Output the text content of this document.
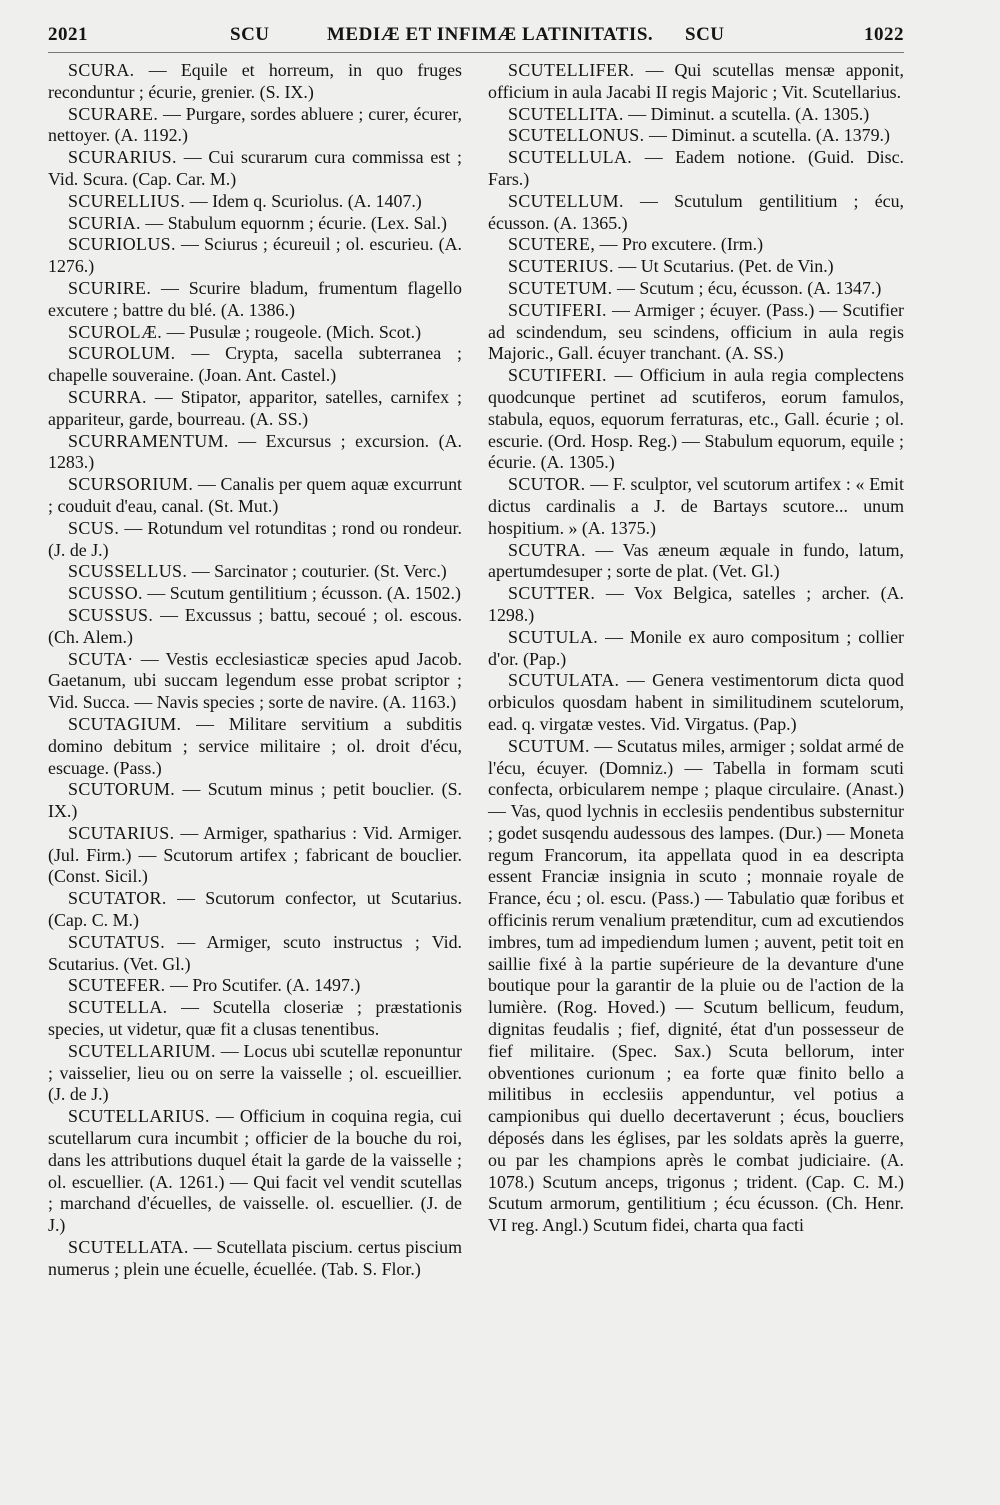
2021	SCU	MEDIÆ ET INFIMÆ LATINITATIS. SCU	1022

SCURA. — Equile et horreum, in quo fruges reconduntur ; écurie, grenier. (S. IX.)

SCURARE. — Purgare, sordes abluere ; curer, écurer, nettoyer. (A. 1192.)

SCURARIUS. — Cui scurarum cura commissa est ; Vid. Scura. (Cap. Car. M.)

SCURELLIUS. — Idem q. Scuriolus. (A. 1407.)

SCURIA. — Stabulum equornm ; écurie. (Lex. Sal.)

SCURIOLUS. — Sciurus ; écureuil ; ol. escurieu. (A. 1276.)

SCURIRE. — Scurire bladum, frumentum flagello excutere ; battre du blé. (A. 1386.)

SCUROLÆ. — Pusulæ ; rougeole. (Mich. Scot.)

SCUROLUM. — Crypta, sacella subterranea ; chapelle souveraine. (Joan. Ant. Castel.)

SCURRA. — Stipator, apparitor, satelles, carnifex ; appariteur, garde, bourreau. (A. SS.)

SCURRAMENTUM. — Excursus ; excursion. (A. 1283.)

SCURSORIUM. — Canalis per quem aquæ excurrunt ; couduit d'eau, canal. (St. Mut.)

SCUS. — Rotundum vel rotunditas ; rond ou rondeur. (J. de J.)

SCUSSELLUS. — Sarcinator ; couturier. (St. Verc.)

SCUSSO. — Scutum gentilitium ; écusson. (A. 1502.)

SCUSSUS. — Excussus ; battu, secoué ; ol. escous. (Ch. Alem.)

SCUTA· — Vestis ecclesiasticæ species apud Jacob. Gaetanum, ubi succam legendum esse probat scriptor ; Vid. Succa. — Navis species ; sorte de navire. (A. 1163.)

SCUTAGIUM. — Militare servitium a subditis domino debitum ; service militaire ; ol. droit d'écu, escuage. (Pass.)

SCUTORUM. — Scutum minus ; petit bouclier. (S. IX.)

SCUTARIUS. — Armiger, spatharius : Vid. Armiger. (Jul. Firm.) — Scutorum artifex ; fabricant de bouclier. (Const. Sicil.)

SCUTATOR. — Scutorum confector, ut Scutarius. (Cap. C. M.)

SCUTATUS. — Armiger, scuto instructus ; Vid. Scutarius. (Vet. Gl.)

SCUTEFER. — Pro Scutifer. (A. 1497.)

SCUTELLA. — Scutella closeriæ ; præstationis species, ut videtur, quæ fit a clusas tenentibus.

SCUTELLARIUM. — Locus ubi scutellæ reponuntur ; vaisselier, lieu ou on serre la vaisselle ; ol. escueillier. (J. de J.)

SCUTELLARIUS. — Officium in coquina regia, cui scutellarum cura incumbit ; officier de la bouche du roi, dans les attributions duquel était la garde de la vaisselle ; ol. escuellier. (A. 1261.) — Qui facit vel vendit scutellas ; marchand d'écuelles, de vaisselle. ol. escuellier. (J. de J.)

SCUTELLATA. — Scutellata piscium. certus piscium numerus ; plein une écuelle, écuellée. (Tab. S. Flor.)

SCUTELLIFER. — Qui scutellas mensæ apponit, officium in aula Jacabi II regis Majoric ; Vit. Scutellarius.

SCUTELLITA. — Diminut. a scutella. (A. 1305.)

SCUTELLONUS. — Diminut. a scutella. (A. 1379.)

SCUTELLULA. — Eadem notione. (Guid. Disc. Fars.)

SCUTELLUM. — Scutulum gentilitium ; écu, écusson. (A. 1365.)

SCUTERE, — Pro excutere. (Irm.)

SCUTERIUS. — Ut Scutarius. (Pet. de Vin.)

SCUTETUM. — Scutum ; écu, écusson. (A. 1347.)

SCUTIFERI. — Armiger ; écuyer. (Pass.) — Scutifier ad scindendum, seu scindens, officium in aula regis Majoric., Gall. écuyer tranchant. (A. SS.)

SCUTIFERI. — Officium in aula regia complectens quodcunque pertinet ad scutiferos, eorum famulos, stabula, equos, equorum ferraturas, etc., Gall. écurie ; ol. escurie. (Ord. Hosp. Reg.) — Stabulum equorum, equile ; écurie. (A. 1305.)

SCUTOR. — F. sculptor, vel scutorum artifex : « Emit dictus cardinalis a J. de Bartays scutore... unum hospitium. » (A. 1375.)

SCUTRA. — Vas æneum æquale in fundo, latum, apertumdesuper ; sorte de plat. (Vet. Gl.)

SCUTTER. — Vox Belgica, satelles ; archer. (A. 1298.)

SCUTULA. — Monile ex auro compositum ; collier d'or. (Pap.)

SCUTULATA. — Genera vestimentorum dicta quod orbiculos quosdam habent in similitudinem scutelorum, ead. q. virgatæ vestes. Vid. Virgatus. (Pap.)

SCUTUM. — Scutatus miles, armiger ; soldat armé de l'écu, écuyer. (Domniz.) — Tabella in formam scuti confecta, orbicularem nempe ; plaque circulaire. (Anast.) — Vas, quod lychnis in ecclesiis pendentibus substernitur ; godet susqendu audessous des lampes. (Dur.) — Moneta regum Francorum, ita appellata quod in ea descripta essent Franciæ insignia in scuto ; monnaie royale de France, écu ; ol. escu. (Pass.) — Tabulatio quæ foribus et officinis rerum venalium prætenditur, cum ad excutiendos imbres, tum ad impediendum lumen ; auvent, petit toit en saillie fixé à la partie supérieure de la devanture d'une boutique pour la garantir de la pluie ou de l'action de la lumière. (Rog. Hoved.) — Scutum bellicum, feudum, dignitas feudalis ; fief, dignité, état d'un possesseur de fief militaire. (Spec. Sax.) Scuta bellorum, inter obventiones curionum ; ea forte quæ finito bello a militibus in ecclesiis appenduntur, vel potius a campionibus qui duello decertaverunt ; écus, boucliers déposés dans les églises, par les soldats après la guerre, ou par les champions après le combat judiciaire. (A. 1078.) Scutum anceps, trigonus ; trident. (Cap. C. M.) Scutum armorum, gentilitium ; écu écusson. (Ch. Henr. VI reg. Angl.) Scutum fidei, charta qua facti
